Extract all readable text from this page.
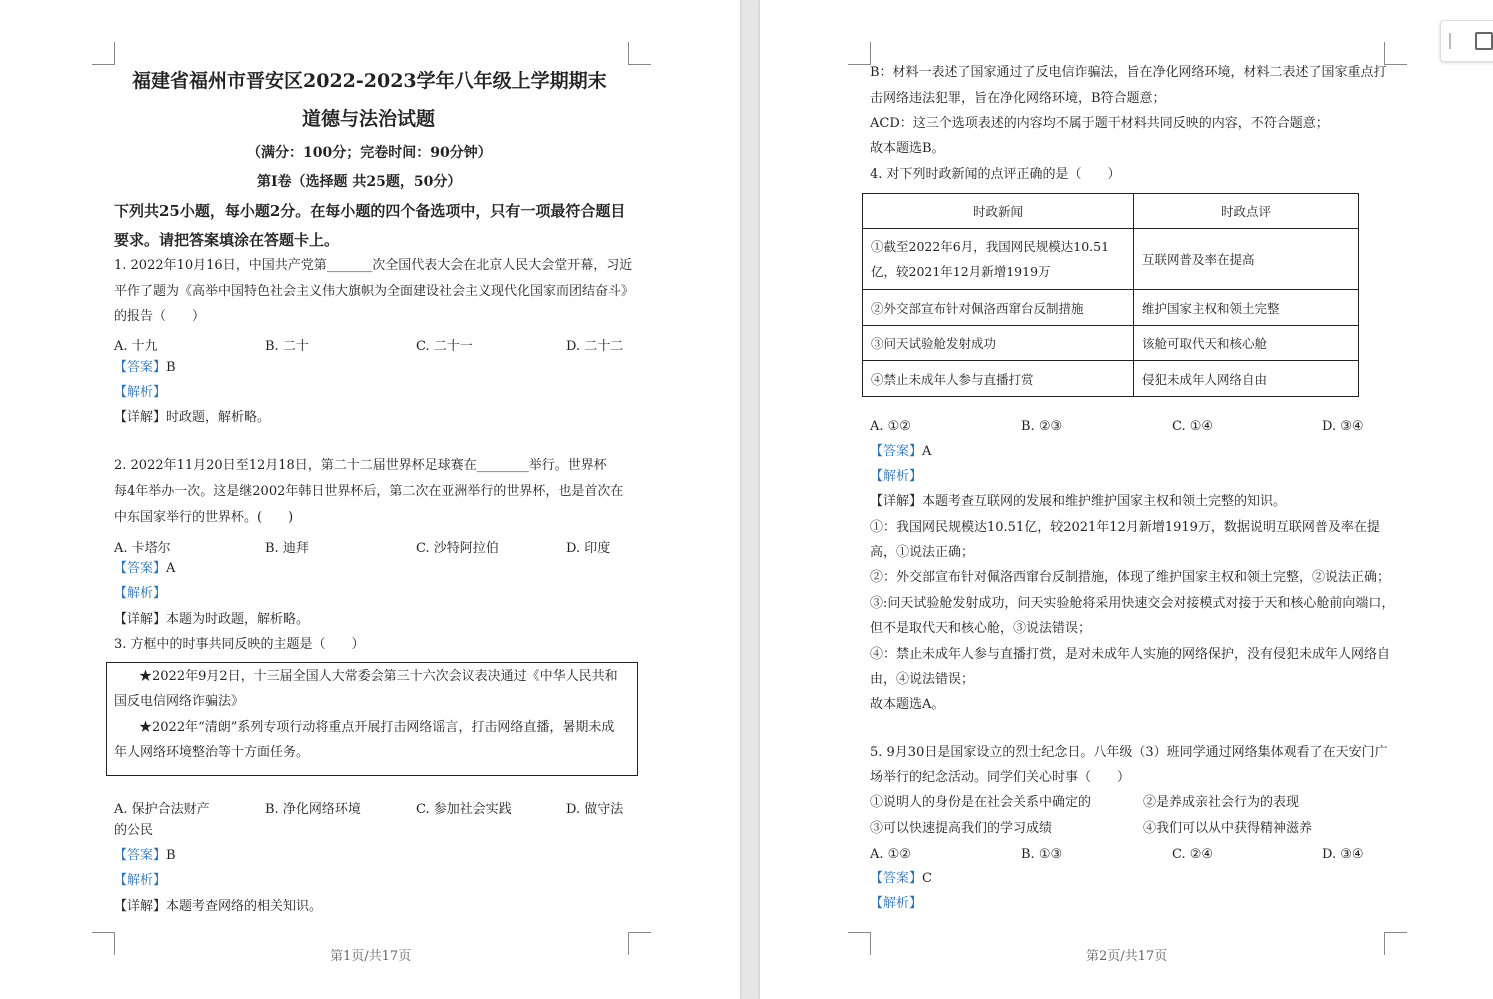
福建省福州市晋安区2022-2023学年八年级上学期期末
道德与法治试题
（满分：100分；完卷时间：90分钟）
第Ⅰ卷（选择题 共25题，50分）
下列共25小题，每小题2分。在每小题的四个备选项中，只有一项最符合题目
要求。请把答案填涂在答题卡上。
1. 2022年10月16日，中国共产党第_______次全国代表大会在北京人民大会堂开幕，习近
平作了题为《高举中国特色社会主义伟大旗帜为全面建设社会主义现代化国家而团结奋斗》
的报告（　　）
A. 十九	B. 二十	C. 二十一	D. 二十二
【答案】B
【解析】
【详解】时政题，解析略。
2. 2022年11月20日至12月18日，第二十二届世界杯足球赛在________举行。世界杯
每4年举办一次。这是继2002年韩日世界杯后，第二次在亚洲举行的世界杯，也是首次在
中东国家举行的世界杯。(　　)
A. 卡塔尔	B. 迪拜	C. 沙特阿拉伯	D. 印度
【答案】A
【解析】
【详解】本题为时政题，解析略。
3. 方框中的时事共同反映的主题是（　　）
★2022年9月2日，十三届全国人大常委会第三十六次会议表决通过《中华人民共和
国反电信网络诈骗法》
★2022年“清朗”系列专项行动将重点开展打击网络谣言，打击网络直播，暑期未成
年人网络环境整治等十方面任务。
A. 保护合法财产	B. 净化网络环境	C. 参加社会实践	D. 做守法
的公民
【答案】B
【解析】
【详解】本题考查网络的相关知识。
第1页/共17页
B：材料一表述了国家通过了反电信诈骗法，旨在净化网络环境，材料二表述了国家重点打
击网络违法犯罪，旨在净化网络环境，B符合题意；
ACD：这三个选项表述的内容均不属于题干材料共同反映的内容，不符合题意；
故本题选B。
4. 对下列时政新闻的点评正确的是（　　）
时政新闻	时政点评
①截至2022年6月，我国网民规模达10.51
亿，较2021年12月新增1919万	互联网普及率在提高
②外交部宣布针对佩洛西窜台反制措施	维护国家主权和领土完整
③问天试验舱发射成功	该舱可取代天和核心舱
④禁止未成年人参与直播打赏	侵犯未成年人网络自由
A. ①②	B. ②③	C. ①④	D. ③④
【答案】A
【解析】
【详解】本题考查互联网的发展和维护维护国家主权和领土完整的知识。
①：我国网民规模达10.51亿，较2021年12月新增1919万，数据说明互联网普及率在提
高，①说法正确；
②：外交部宣布针对佩洛西窜台反制措施，体现了维护国家主权和领土完整，②说法正确；
③:问天试验舱发射成功，问天实验舱将采用快速交会对接模式对接于天和核心舱前向端口，
但不是取代天和核心舱，③说法错误；
④：禁止未成年人参与直播打赏，是对未成年人实施的网络保护，没有侵犯未成年人网络自
由，④说法错误；
故本题选A。
5. 9月30日是国家设立的烈士纪念日。八年级（3）班同学通过网络集体观看了在天安门广
场举行的纪念活动。同学们关心时事（　　）
①说明人的身份是在社会关系中确定的	②是养成亲社会行为的表现
③可以快速提高我们的学习成绩	④我们可以从中获得精神滋养
A. ①②	B. ①③	C. ②④	D. ③④
【答案】C
【解析】
第2页/共17页
